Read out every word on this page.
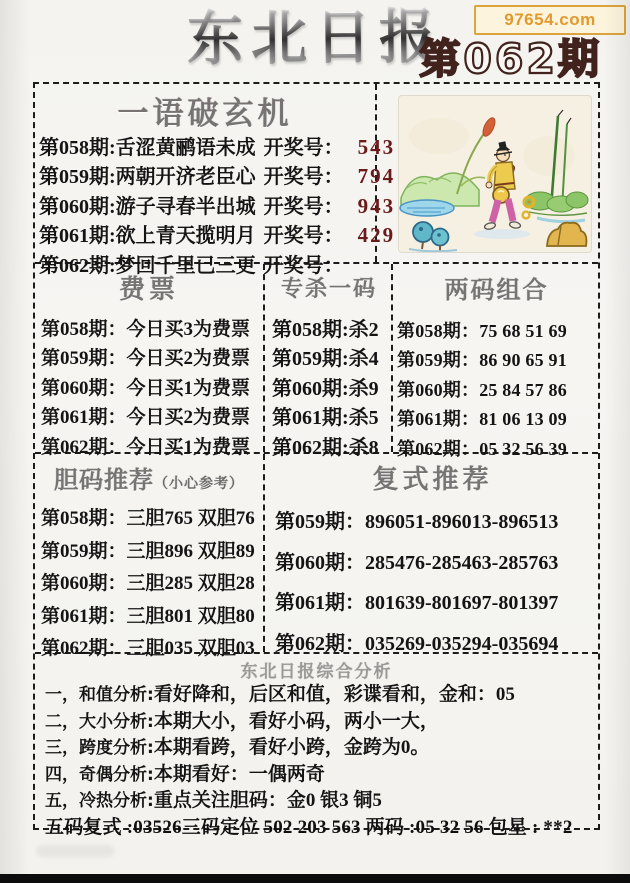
东北日报	97654.com
第062期
一语破玄机
第058期:舌涩黄鹂语未成 开奖号： 543
第059期:两朝开济老臣心 开奖号： 794
第060期:游子寻春半出城 开奖号： 943
第061期:欲上青天揽明月 开奖号： 429
第062期:梦回千里已三更 开奖号：
费票
第058期：今日买3为费票
第059期：今日买2为费票
第060期：今日买1为费票
第061期：今日买2为费票
第062期：今日买1为费票
专杀一码
第058期:杀2
第059期:杀4
第060期:杀9
第061期:杀5
第062期:杀8
两码组合
第058期：75 68 51 69
第059期：86 90 65 91
第060期：25 84 57 86
第061期：81 06 13 09
第062期：05 32 56 39
胆码推荐（小心参考）
第058期：三胆765 双胆76
第059期：三胆896 双胆89
第060期：三胆285 双胆28
第061期：三胆801 双胆80
第062期：三胆035 双胆03
复式推荐
第059期：896051-896013-896513
第060期：285476-285463-285763
第061期：801639-801697-801397
第062期：035269-035294-035694
东北日报综合分析
一，和值分析:看好降和，后区和值，彩谍看和，金和：05
二，大小分析:本期大小，看好小码，两小一大，
三，跨度分析:本期看跨，看好小跨，金跨为0。
四，奇偶分析:本期看好：一偶两奇
五，冷热分析:重点关注胆码：金0 银3 铜5
五码复式 :03526三码定位 502 203 563 两码 :05 32 56 包星 : **2
